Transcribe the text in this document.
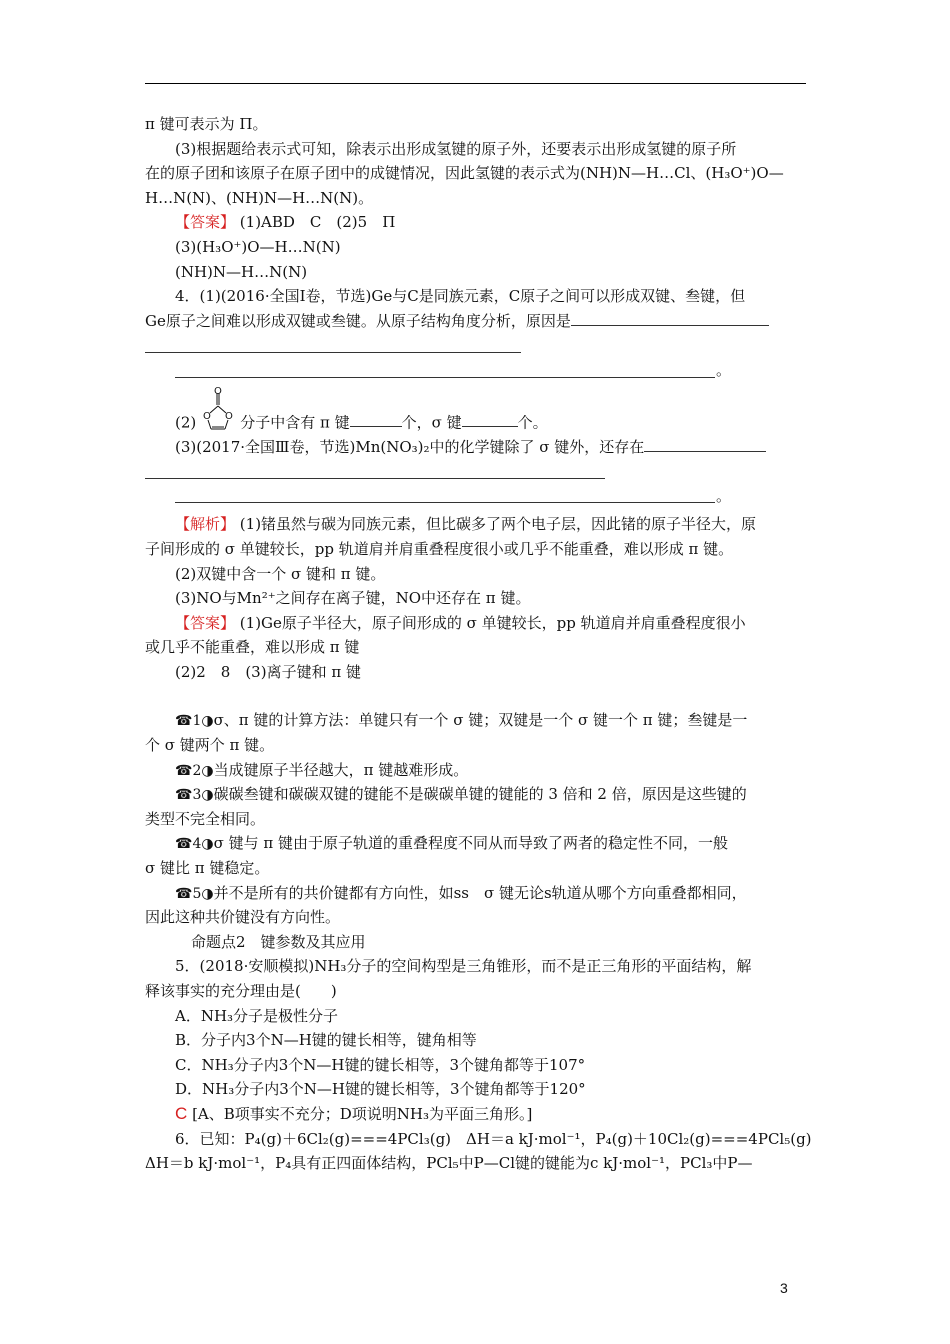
π 键可表示为 Π。
(3)根据题给表示式可知，除表示出形成氢键的原子外，还要表示出形成氢键的原子所
在的原子团和该原子在原子团中的成键情况，因此氢键的表示式为(NH)N—H…Cl、(H₃O⁺)O—
H…N(N)、(NH)N—H…N(N)。
【答案】 (1)ABD　C　(2)5　Π
(3)(H₃O⁺)O—H…N(N)
(NH)N—H…N(N)
4．(1)(2016·全国Ⅰ卷，节选)Ge与C是同族元素，C原子之间可以形成双键、叁键，但
Ge原子之间难以形成双键或叁键。从原子结构角度分析，原因是
。
(2)
O
O O 分子中含有 π 键	个，σ 键	个。
(3)(2017·全国Ⅲ卷，节选)Mn(NO₃)₂中的化学键除了 σ 键外，还存在
。
【解析】 (1)锗虽然与碳为同族元素，但比碳多了两个电子层，因此锗的原子半径大，原
子间形成的 σ 单键较长，pp 轨道肩并肩重叠程度很小或几乎不能重叠，难以形成 π 键。
(2)双键中含一个 σ 键和 π 键。
(3)NO与Mn²⁺之间存在离子键，NO中还存在 π 键。
【答案】 (1)Ge原子半径大，原子间形成的 σ 单键较长，pp 轨道肩并肩重叠程度很小
或几乎不能重叠，难以形成 π 键
(2)2　8　(3)离子键和 π 键
☎1◑σ、π 键的计算方法：单键只有一个 σ 键；双键是一个 σ 键一个 π 键；叁键是一
个 σ 键两个 π 键。
☎2◑当成键原子半径越大，π 键越难形成。
☎3◑碳碳叁键和碳碳双键的键能不是碳碳单键的键能的 3 倍和 2 倍，原因是这些键的
类型不完全相同。
☎4◑σ 键与 π 键由于原子轨道的重叠程度不同从而导致了两者的稳定性不同，一般
σ 键比 π 键稳定。
☎5◑并不是所有的共价键都有方向性，如ss　σ 键无论s轨道从哪个方向重叠都相同，
因此这种共价键没有方向性。
命题点2　键参数及其应用
5．(2018·安顺模拟)NH₃分子的空间构型是三角锥形，而不是正三角形的平面结构，解
释该事实的充分理由是(　　)
A．NH₃分子是极性分子
B．分子内3个N—H键的键长相等，键角相等
C．NH₃分子内3个N—H键的键长相等，3个键角都等于107°
D．NH₃分子内3个N—H键的键长相等，3个键角都等于120°
C [A、B项事实不充分；D项说明NH₃为平面三角形。]
6．已知：P₄(g)＋6Cl₂(g)===4PCl₃(g)　ΔH＝a kJ·mol⁻¹，P₄(g)＋10Cl₂(g)===4PCl₅(g)
ΔH＝b kJ·mol⁻¹，P₄具有正四面体结构，PCl₅中P—Cl键的键能为c kJ·mol⁻¹，PCl₃中P—
3
